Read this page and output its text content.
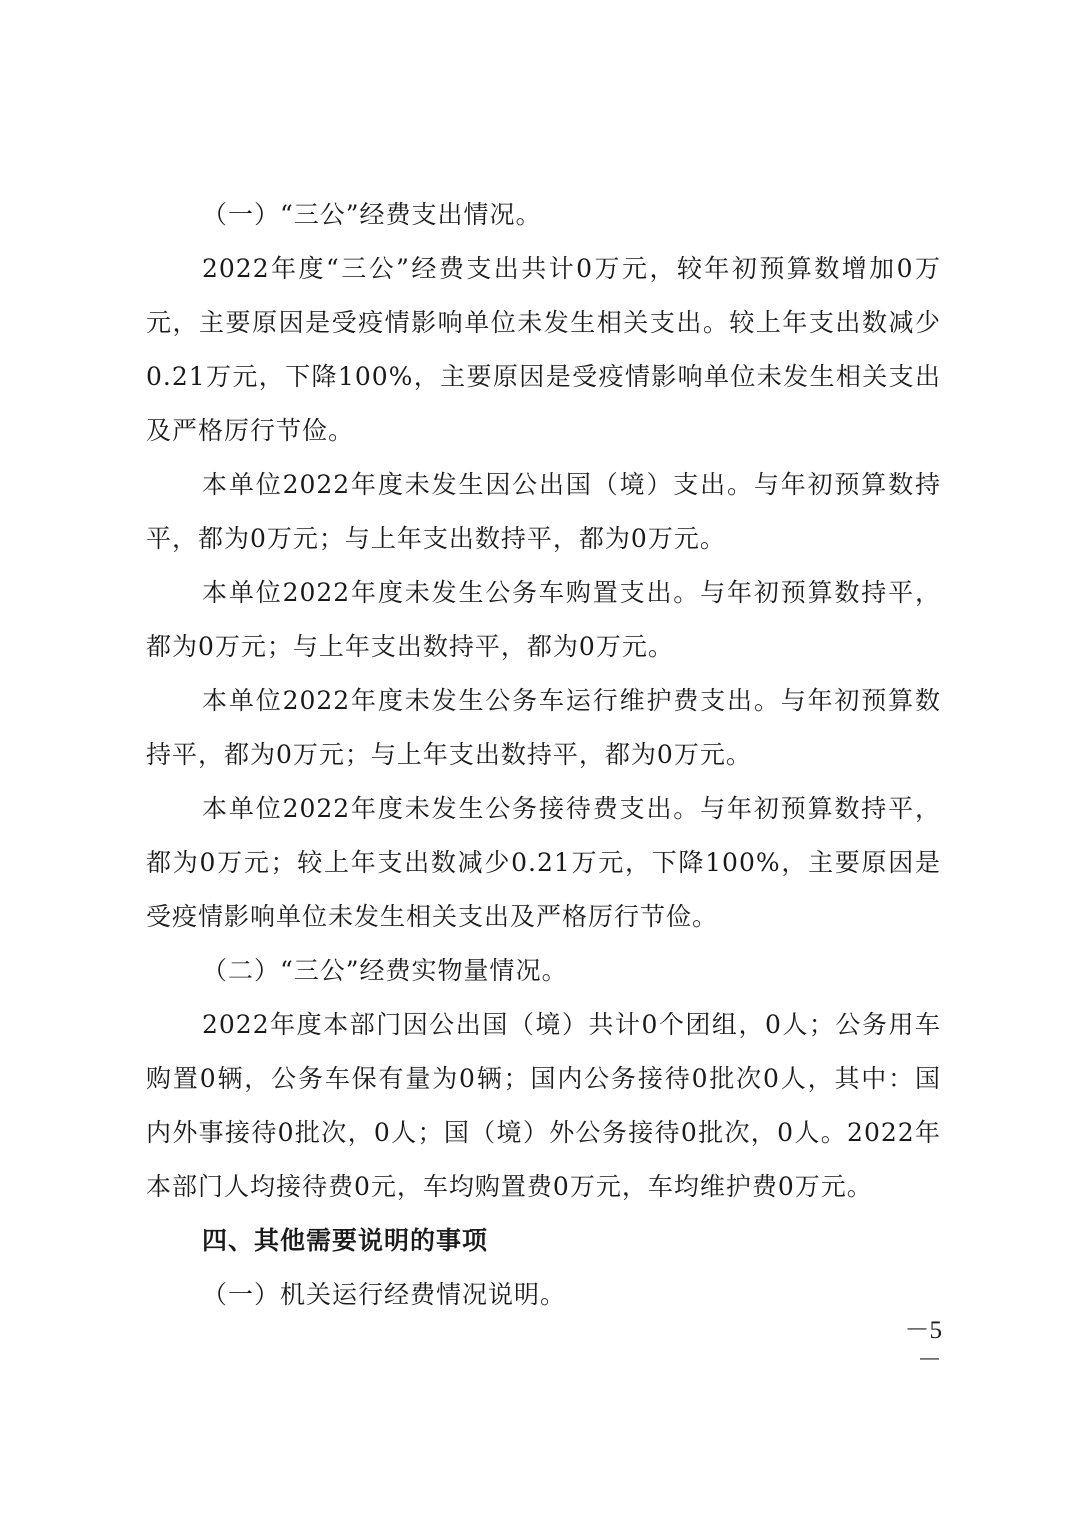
（一）“三公”经费支出情况。

2022年度“三公”经费支出共计0万元，较年初预算数增加0万元，主要原因是受疫情影响单位未发生相关支出。较上年支出数减少0.21万元，下降100%，主要原因是受疫情影响单位未发生相关支出及严格厉行节俭。

本单位2022年度未发生因公出国（境）支出。与年初预算数持平，都为0万元；与上年支出数持平，都为0万元。

本单位2022年度未发生公务车购置支出。与年初预算数持平，都为0万元；与上年支出数持平，都为0万元。

本单位2022年度未发生公务车运行维护费支出。与年初预算数持平，都为0万元；与上年支出数持平，都为0万元。

本单位2022年度未发生公务接待费支出。与年初预算数持平，都为0万元；较上年支出数减少0.21万元，下降100%，主要原因是受疫情影响单位未发生相关支出及严格厉行节俭。

（二）“三公”经费实物量情况。

2022年度本部门因公出国（境）共计0个团组，0人；公务用车购置0辆，公务车保有量为0辆；国内公务接待0批次0人，其中：国内外事接待0批次，0人；国（境）外公务接待0批次，0人。2022年本部门人均接待费0元，车均购置费0万元，车均维护费0万元。

四、其他需要说明的事项

（一）机关运行经费情况说明。

－5－
